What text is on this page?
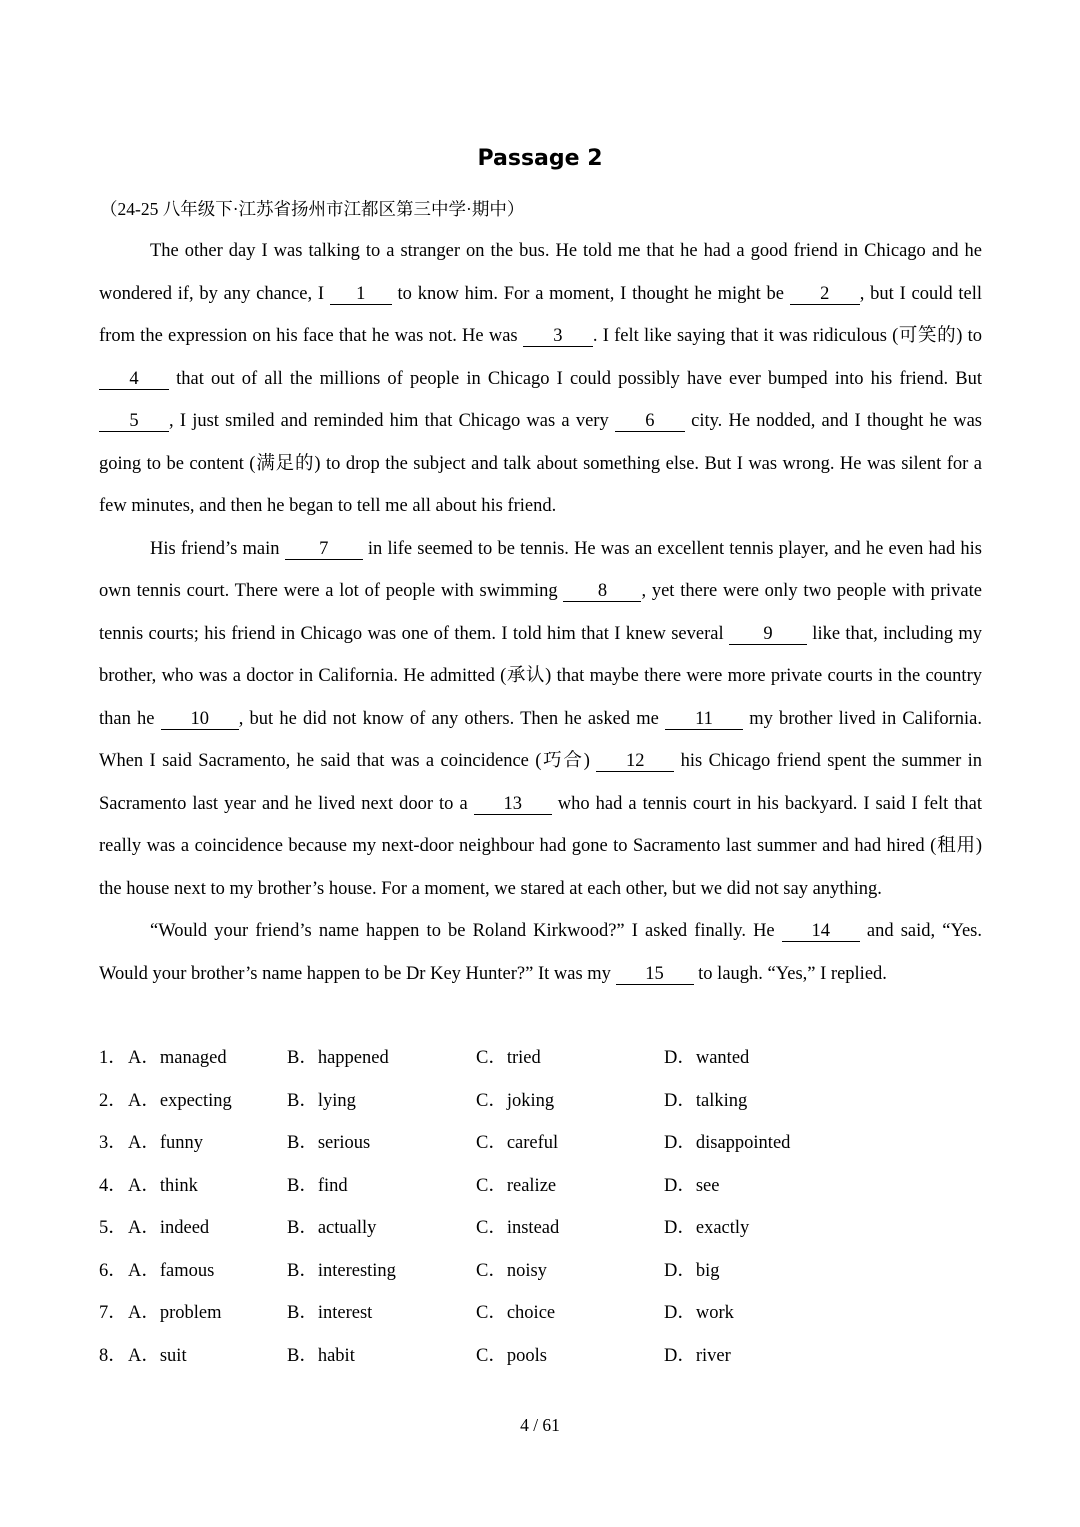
Passage 2
（24-25 八年级下·江苏省扬州市江都区第三中学·期中）

The other day I was talking to a stranger on the bus. He told me that he had a good friend in Chicago and he wondered if, by any chance, I 1 to know him. For a moment, I thought he might be 2 , but I could tell from the expression on his face that he was not. He was 3 . I felt like saying that it was ridiculous (可笑的) to 4 that out of all the millions of people in Chicago I could possibly have ever bumped into his friend. But 5 , I just smiled and reminded him that Chicago was a very 6 city. He nodded, and I thought he was going to be content (满足的) to drop the subject and talk about something else. But I was wrong. He was silent for a few minutes, and then he began to tell me all about his friend.

His friend’s main 7 in life seemed to be tennis. He was an excellent tennis player, and he even had his own tennis court. There were a lot of people with swimming 8 , yet there were only two people with private tennis courts; his friend in Chicago was one of them. I told him that I knew several 9 like that, including my brother, who was a doctor in California. He admitted (承认) that maybe there were more private courts in the country than he 10 , but he did not know of any others. Then he asked me 11 my brother lived in California. When I said Sacramento, he said that was a coincidence (巧合) 12 his Chicago friend spent the summer in Sacramento last year and he lived next door to a 13 who had a tennis court in his backyard. I said I felt that really was a coincidence because my next-door neighbour had gone to Sacramento last summer and had hired (租用) the house next to my brother’s house. For a moment, we stared at each other, but we did not say anything.

“Would your friend’s name happen to be Roland Kirkwood?” I asked finally. He 14 and said, “Yes. Would your brother’s name happen to be Dr Key Hunter?” It was my 15 to laugh. “Yes,” I replied.

1． A．managed	B．happened	C．tried	D．wanted
2． A．expecting	B．lying	C．joking	D．talking
3． A．funny	B．serious	C．careful	D．disappointed
4． A．think	B．find	C．realize	D．see
5． A．indeed	B．actually	C．instead	D．exactly
6． A．famous	B．interesting	C．noisy	D．big
7． A．problem	B．interest	C．choice	D．work
8． A．suit	B．habit	C．pools	D．river
4 / 61
